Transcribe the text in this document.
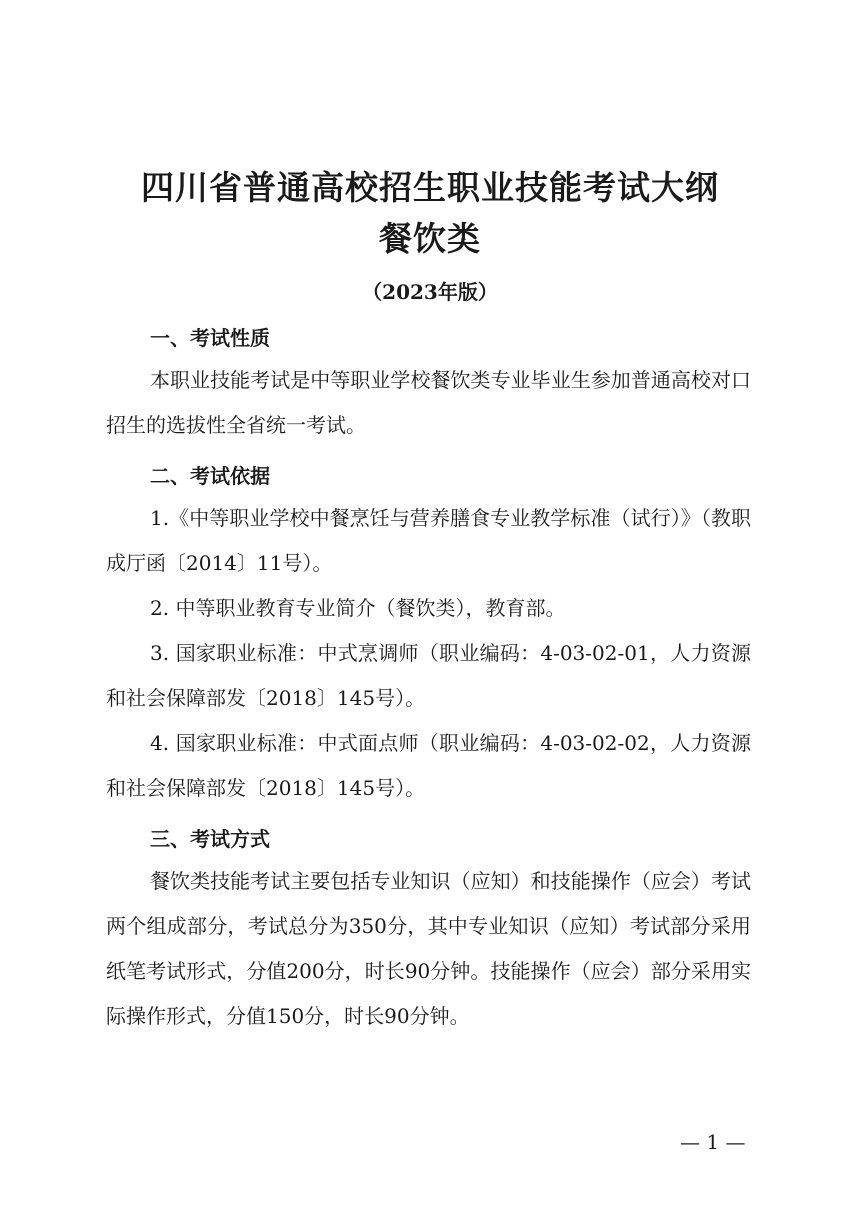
四川省普通高校招生职业技能考试大纲
餐饮类
（2023年版）
一、考试性质

本职业技能考试是中等职业学校餐饮类专业毕业生参加普通高校对口招生的选拔性全省统一考试。

二、考试依据

1.《中等职业学校中餐烹饪与营养膳食专业教学标准（试行）》（教职成厅函〔2014〕11号）。

2. 中等职业教育专业简介（餐饮类），教育部。

3. 国家职业标准：中式烹调师（职业编码：4-03-02-01，人力资源和社会保障部发〔2018〕145号）。

4. 国家职业标准：中式面点师（职业编码：4-03-02-02，人力资源和社会保障部发〔2018〕145号）。

三、考试方式

餐饮类技能考试主要包括专业知识（应知）和技能操作（应会）考试两个组成部分，考试总分为350分，其中专业知识（应知）考试部分采用纸笔考试形式，分值200分，时长90分钟。技能操作（应会）部分采用实际操作形式，分值150分，时长90分钟。

— 1 —
